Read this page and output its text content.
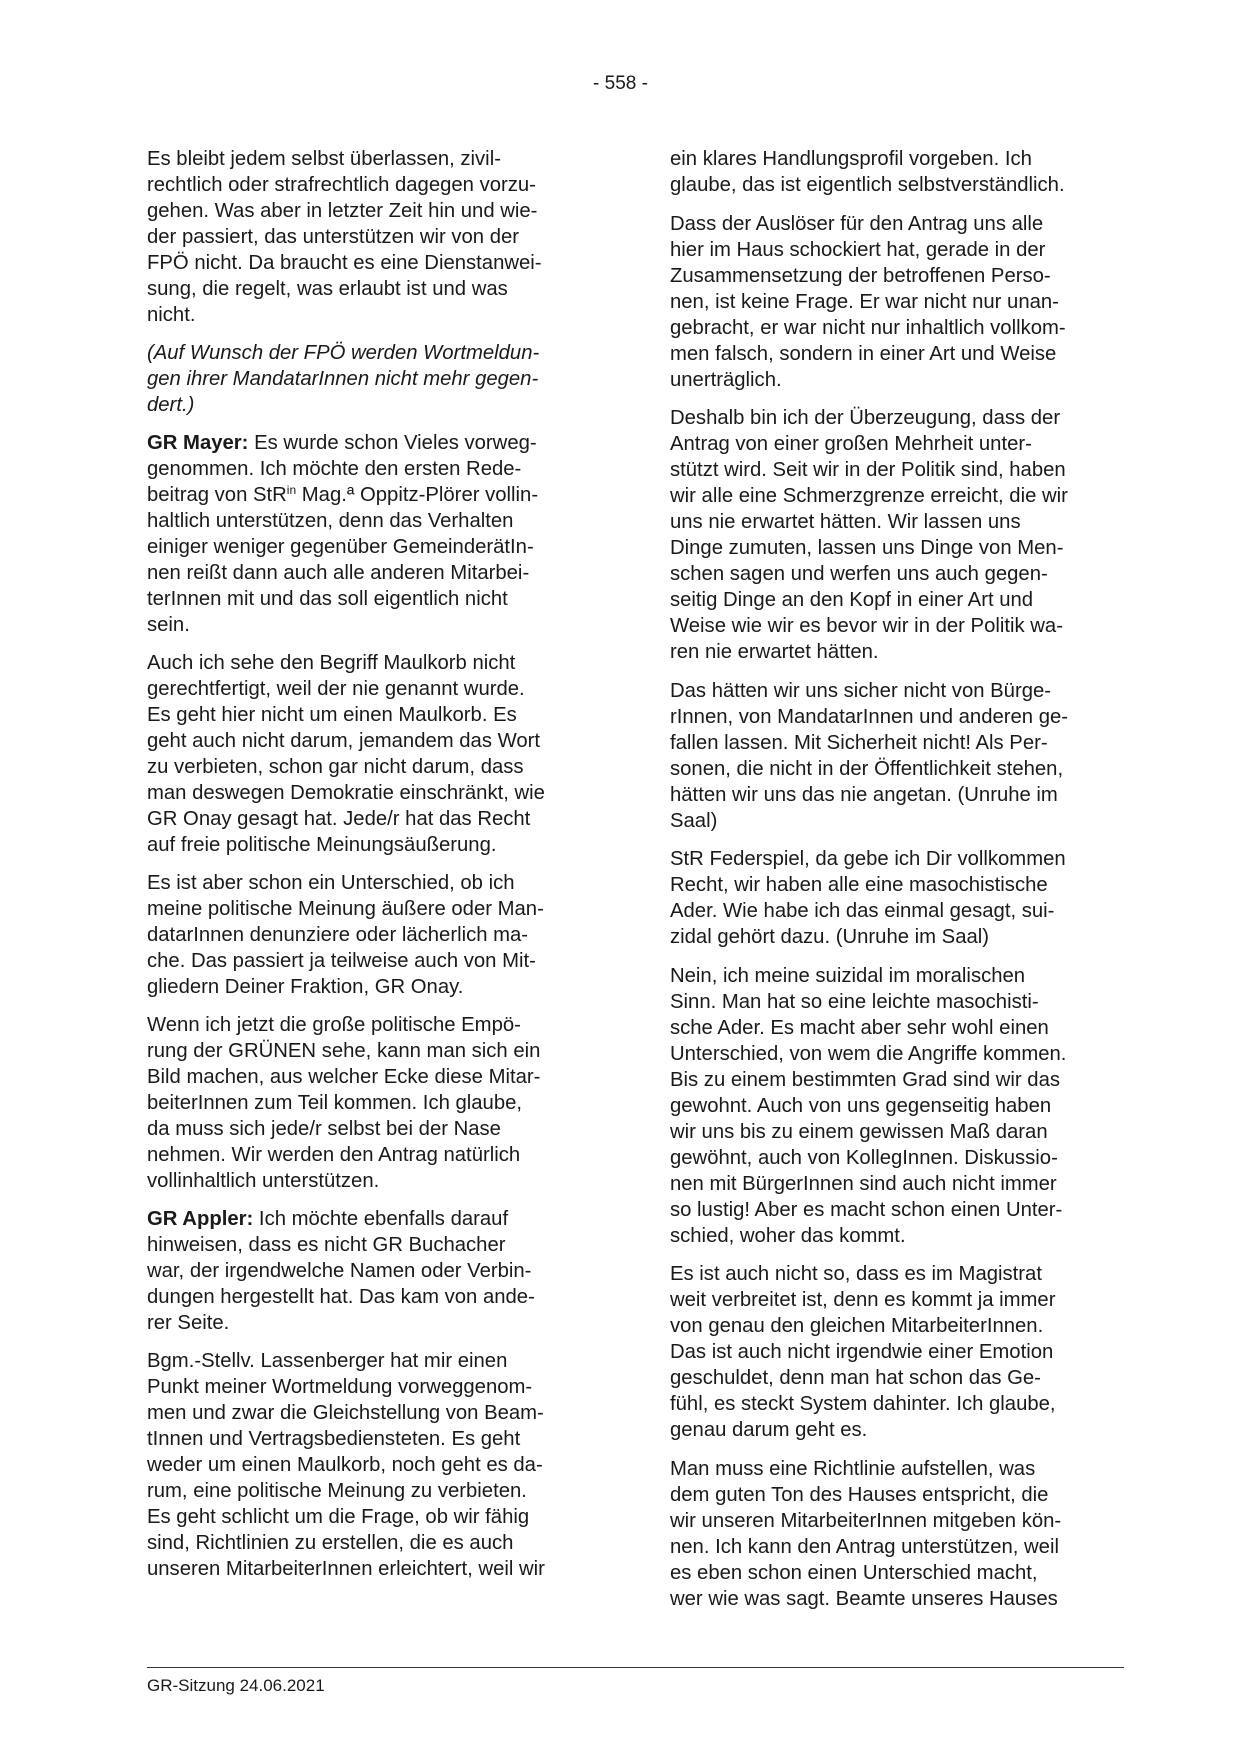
- 558 -
Es bleibt jedem selbst überlassen, zivil-
rechtlich oder strafrechtlich dagegen vorzu-
gehen. Was aber in letzter Zeit hin und wie-
der passiert, das unterstützen wir von der
FPÖ nicht. Da braucht es eine Dienstanwei-
sung, die regelt, was erlaubt ist und was
nicht.
(Auf Wunsch der FPÖ werden Wortmeldun-
gen ihrer MandatarInnen nicht mehr gegen-
dert.)
GR Mayer: Es wurde schon Vieles vorweg-
genommen. Ich möchte den ersten Rede-
beitrag von StR$^{in}$ Mag.ª Oppitz-Plörer vollin-
haltlich unterstützen, denn das Verhalten
einiger weniger gegenüber GemeinderätIn-
nen reißt dann auch alle anderen Mitarbei-
terInnen mit und das soll eigentlich nicht
sein.
Auch ich sehe den Begriff Maulkorb nicht
gerechtfertigt, weil der nie genannt wurde.
Es geht hier nicht um einen Maulkorb. Es
geht auch nicht darum, jemandem das Wort
zu verbieten, schon gar nicht darum, dass
man deswegen Demokratie einschränkt, wie
GR Onay gesagt hat. Jede/r hat das Recht
auf freie politische Meinungsäußerung.
Es ist aber schon ein Unterschied, ob ich
meine politische Meinung äußere oder Man-
datarInnen denunziere oder lächerlich ma-
che. Das passiert ja teilweise auch von Mit-
gliedern Deiner Fraktion, GR Onay.
Wenn ich jetzt die große politische Empö-
rung der GRÜNEN sehe, kann man sich ein
Bild machen, aus welcher Ecke diese Mitar-
beiterInnen zum Teil kommen. Ich glaube,
da muss sich jede/r selbst bei der Nase
nehmen. Wir werden den Antrag natürlich
vollinhaltlich unterstützen.
GR Appler: Ich möchte ebenfalls darauf
hinweisen, dass es nicht GR Buchacher
war, der irgendwelche Namen oder Verbin-
dungen hergestellt hat. Das kam von ande-
rer Seite.
Bgm.-Stellv. Lassenberger hat mir einen
Punkt meiner Wortmeldung vorweggenom-
men und zwar die Gleichstellung von Beam-
tInnen und Vertragsbediensteten. Es geht
weder um einen Maulkorb, noch geht es da-
rum, eine politische Meinung zu verbieten.
Es geht schlicht um die Frage, ob wir fähig
sind, Richtlinien zu erstellen, die es auch
unseren MitarbeiterInnen erleichtert, weil wir
ein klares Handlungsprofil vorgeben. Ich
glaube, das ist eigentlich selbstverständlich.
Dass der Auslöser für den Antrag uns alle
hier im Haus schockiert hat, gerade in der
Zusammensetzung der betroffenen Perso-
nen, ist keine Frage. Er war nicht nur unan-
gebracht, er war nicht nur inhaltlich vollkom-
men falsch, sondern in einer Art und Weise
unerträglich.
Deshalb bin ich der Überzeugung, dass der
Antrag von einer großen Mehrheit unter-
stützt wird. Seit wir in der Politik sind, haben
wir alle eine Schmerzgrenze erreicht, die wir
uns nie erwartet hätten. Wir lassen uns
Dinge zumuten, lassen uns Dinge von Men-
schen sagen und werfen uns auch gegen-
seitig Dinge an den Kopf in einer Art und
Weise wie wir es bevor wir in der Politik wa-
ren nie erwartet hätten.
Das hätten wir uns sicher nicht von Bürge-
rInnen, von MandatarInnen und anderen ge-
fallen lassen. Mit Sicherheit nicht! Als Per-
sonen, die nicht in der Öffentlichkeit stehen,
hätten wir uns das nie angetan. (Unruhe im
Saal)
StR Federspiel, da gebe ich Dir vollkommen
Recht, wir haben alle eine masochistische
Ader. Wie habe ich das einmal gesagt, sui-
zidal gehört dazu. (Unruhe im Saal)
Nein, ich meine suizidal im moralischen
Sinn. Man hat so eine leichte masochisti-
sche Ader. Es macht aber sehr wohl einen
Unterschied, von wem die Angriffe kommen.
Bis zu einem bestimmten Grad sind wir das
gewohnt. Auch von uns gegenseitig haben
wir uns bis zu einem gewissen Maß daran
gewöhnt, auch von KollegInnen. Diskussio-
nen mit BürgerInnen sind auch nicht immer
so lustig! Aber es macht schon einen Unter-
schied, woher das kommt.
Es ist auch nicht so, dass es im Magistrat
weit verbreitet ist, denn es kommt ja immer
von genau den gleichen MitarbeiterInnen.
Das ist auch nicht irgendwie einer Emotion
geschuldet, denn man hat schon das Ge-
fühl, es steckt System dahinter. Ich glaube,
genau darum geht es.
Man muss eine Richtlinie aufstellen, was
dem guten Ton des Hauses entspricht, die
wir unseren MitarbeiterInnen mitgeben kön-
nen. Ich kann den Antrag unterstützen, weil
es eben schon einen Unterschied macht,
wer wie was sagt. Beamte unseres Hauses
GR-Sitzung 24.06.2021
